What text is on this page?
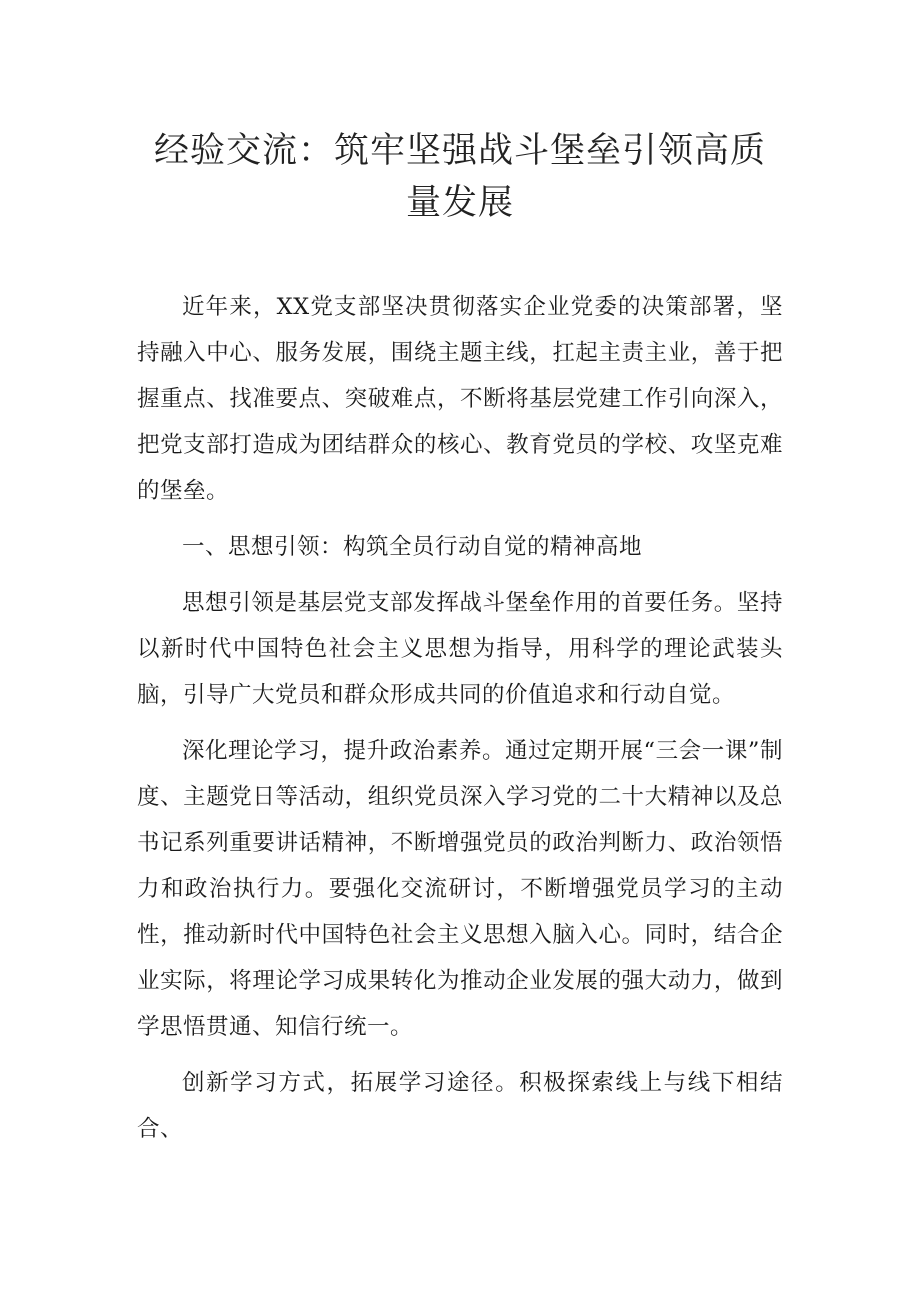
经验交流：筑牢坚强战斗堡垒引领高质量发展

近年来，XX党支部坚决贯彻落实企业党委的决策部署，坚持融入中心、服务发展，围绕主题主线，扛起主责主业，善于把握重点、找准要点、突破难点，不断将基层党建工作引向深入，把党支部打造成为团结群众的核心、教育党员的学校、攻坚克难的堡垒。

一、思想引领：构筑全员行动自觉的精神高地

思想引领是基层党支部发挥战斗堡垒作用的首要任务。坚持以新时代中国特色社会主义思想为指导，用科学的理论武装头脑，引导广大党员和群众形成共同的价值追求和行动自觉。

深化理论学习，提升政治素养。通过定期开展“三会一课”制度、主题党日等活动，组织党员深入学习党的二十大精神以及总书记系列重要讲话精神，不断增强党员的政治判断力、政治领悟力和政治执行力。要强化交流研讨，不断增强党员学习的主动性，推动新时代中国特色社会主义思想入脑入心。同时，结合企业实际，将理论学习成果转化为推动企业发展的强大动力，做到学思悟贯通、知信行统一。

创新学习方式，拓展学习途径。积极探索线上与线下相结合、
